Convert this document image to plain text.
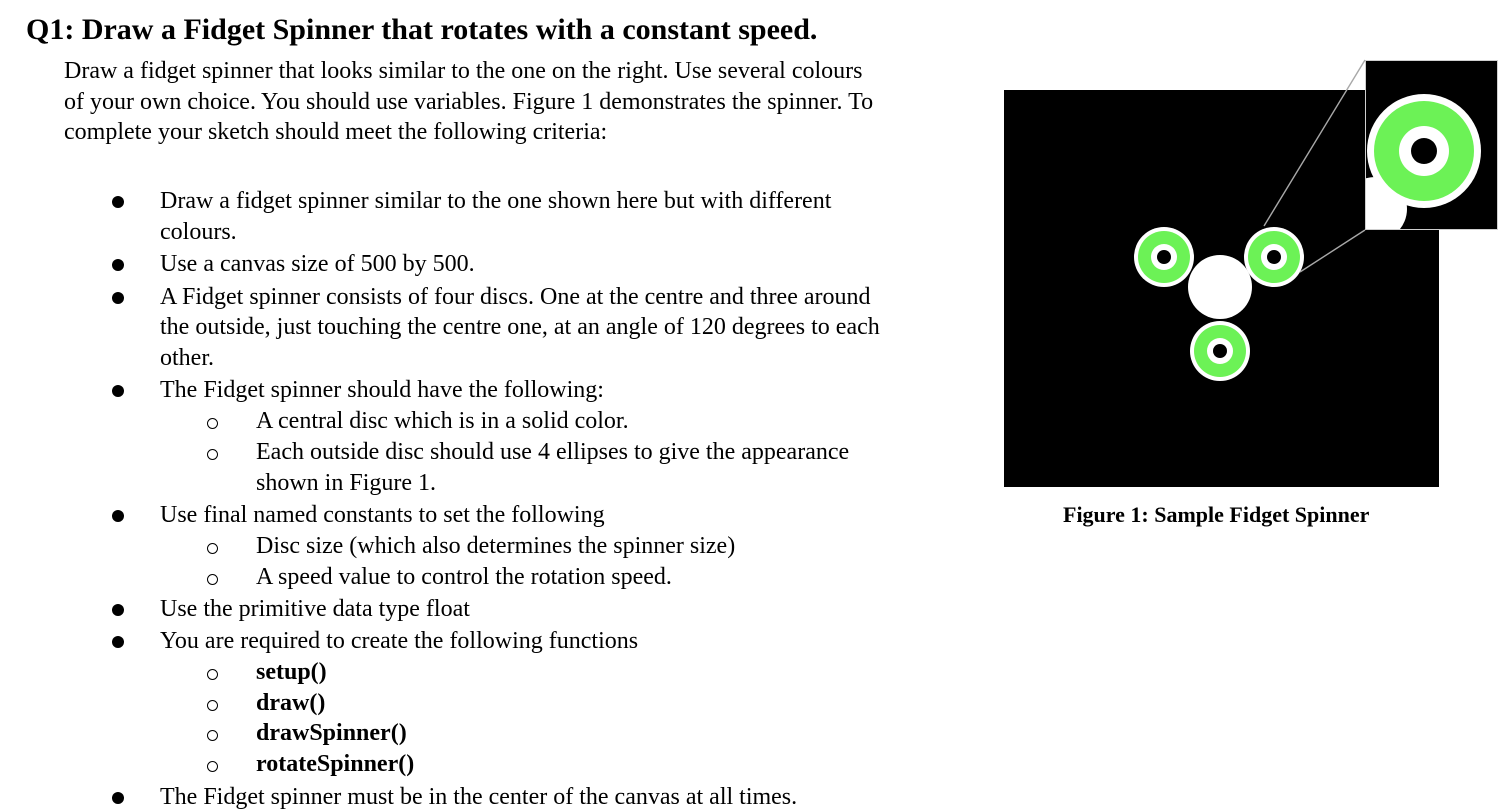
Q1: Draw a Fidget Spinner that rotates with a constant speed.

Draw a fidget spinner that looks similar to the one on the right. Use several colours

of your own choice. You should use variables. Figure 1 demonstrates the spinner. To

complete your sketch should meet the following criteria:

Draw a fidget spinner similar to the one shown here but with different
colours.
Use a canvas size of 500 by 500.
A Fidget spinner consists of four discs. One at the centre and three around
the outside, just touching the centre one, at an angle of 120 degrees to each
other.
The Fidget spinner should have the following:
A central disc which is in a solid color.
Each outside disc should use 4 ellipses to give the appearance
shown in Figure 1.
Use final named constants to set the following
Disc size (which also determines the spinner size)
A speed value to control the rotation speed.
Use the primitive data type float
You are required to create the following functions
setup()
draw()
drawSpinner()
rotateSpinner()
The Fidget spinner must be in the center of the canvas at all times.
Figure 1: Sample Fidget Spinner
